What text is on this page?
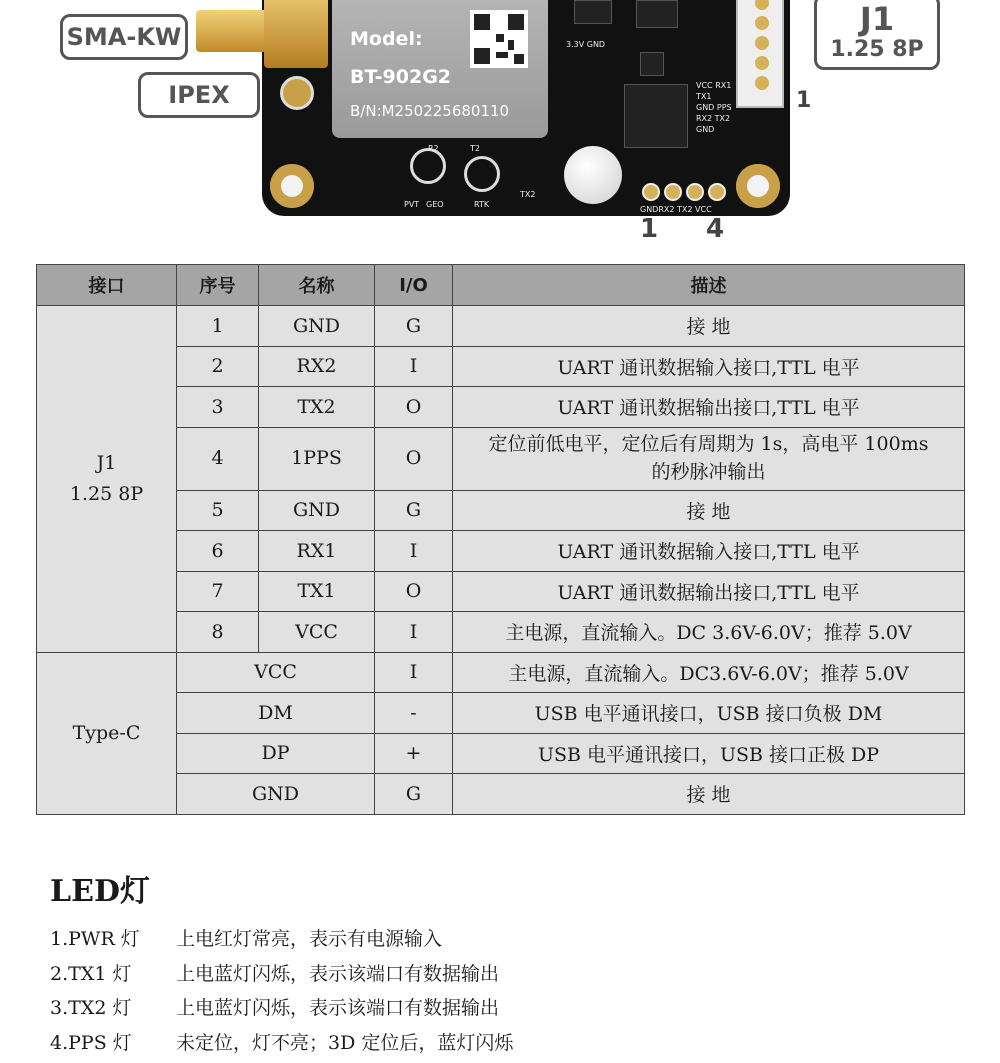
SMA-KW
IPEX
J1
1.25 8P
Model:
BT-902G2
B/N:M250225680110	1
R2	T2
RTK
PVT GEO
TX2
3.3V GND
VCC RX1 TX1 GND PPS RX2 TX2 GND
GNDRX2 TX2 VCC
1 4
接口	序号	名称	I/O	描述
J1
1.25 8P	1	GND	G	接 地
	2	RX2	I	UART 通讯数据输入接口,TTL 电平
	3	TX2	O	UART 通讯数据输出接口,TTL 电平
	4	1PPS	O	定位前低电平，定位后有周期为 1s，高电平 100ms
的秒脉冲输出
	5	GND	G	接 地
	6	RX1	I	UART 通讯数据输入接口,TTL 电平
	7	TX1	O	UART 通讯数据输出接口,TTL 电平
	8	VCC	I	主电源，直流输入。DC 3.6V-6.0V；推荐 5.0V
Type-C	VCC		I	主电源，直流输入。DC3.6V-6.0V；推荐 5.0V
	DM		-	USB 电平通讯接口，USB 接口负极 DM
	DP		+	USB 电平通讯接口，USB 接口正极 DP
	GND		G	接 地
LED灯
1.PWR 灯	上电红灯常亮，表示有电源输入
2.TX1 灯	上电蓝灯闪烁，表示该端口有数据输出
3.TX2 灯	上电蓝灯闪烁，表示该端口有数据输出
4.PPS 灯	未定位，灯不亮；3D 定位后，蓝灯闪烁
